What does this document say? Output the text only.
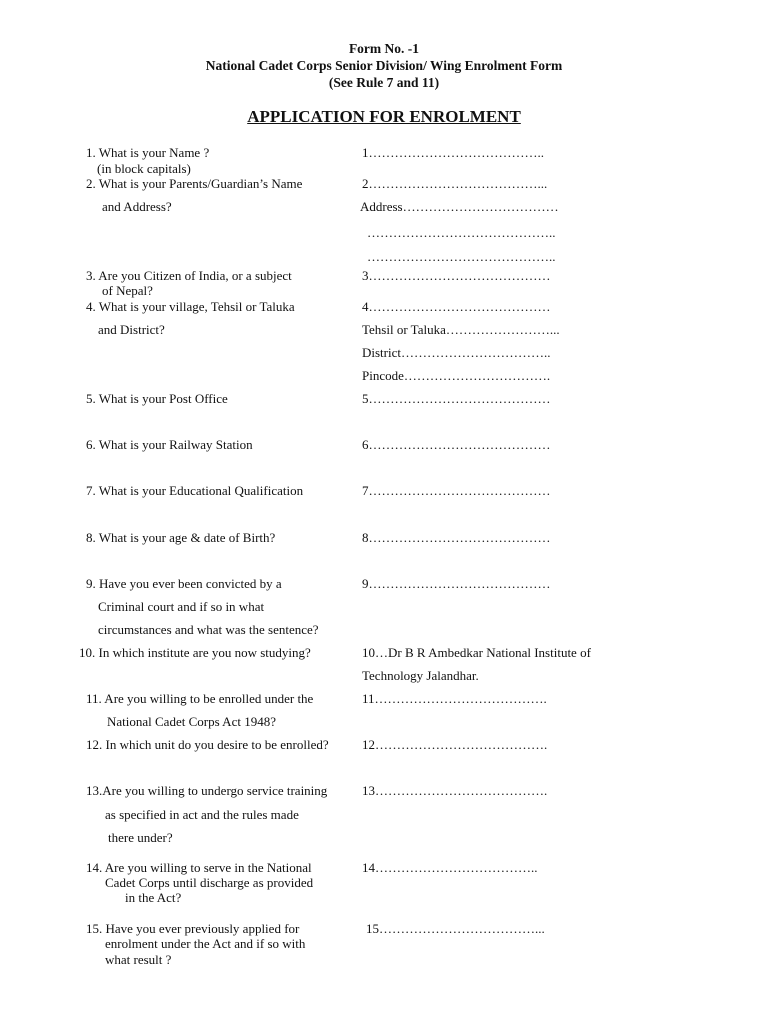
Form No. -1
National Cadet Corps Senior Division/ Wing Enrolment Form
(See Rule 7 and 11)
APPLICATION FOR ENROLMENT
1. What is your Name ?
(in block capitals)
1…………………………………..
2. What is your Parents/Guardian’s Name
and Address?
2…………………………………...
Address………………………………
……………………………………..
……………………………………..
3. Are you Citizen of India, or a subject
of Nepal?
3……………………………………
4. What is your village, Tehsil or Taluka
and District?
4……………………………………
Tehsil or Taluka……………………...
District……………………………..
Pincode…………………………….
5. What is your Post Office	5……………………………………
6. What is your Railway Station	6……………………………………
7. What is your Educational Qualification	7……………………………………
8. What is your age & date of Birth?	8……………………………………
9. Have you ever been convicted by a
Criminal court and if so in what
circumstances and what was the sentence?
9……………………………………
10. In which institute are you now studying?	10…Dr B R Ambedkar National Institute of
Technology Jalandhar.
11. Are you willing to be enrolled under the
National Cadet Corps Act 1948?
11………………………………….
12. In which unit do you desire to be enrolled?	12………………………………….
13.Are you willing to undergo service training
as specified in act and the rules made
there under?
13………………………………….
14. Are you willing to serve in the National
Cadet Corps until discharge as provided
in the Act?
14………………………………..
15. Have you ever previously applied for
enrolment under the Act and if so with
what result ?
15………………………………...
